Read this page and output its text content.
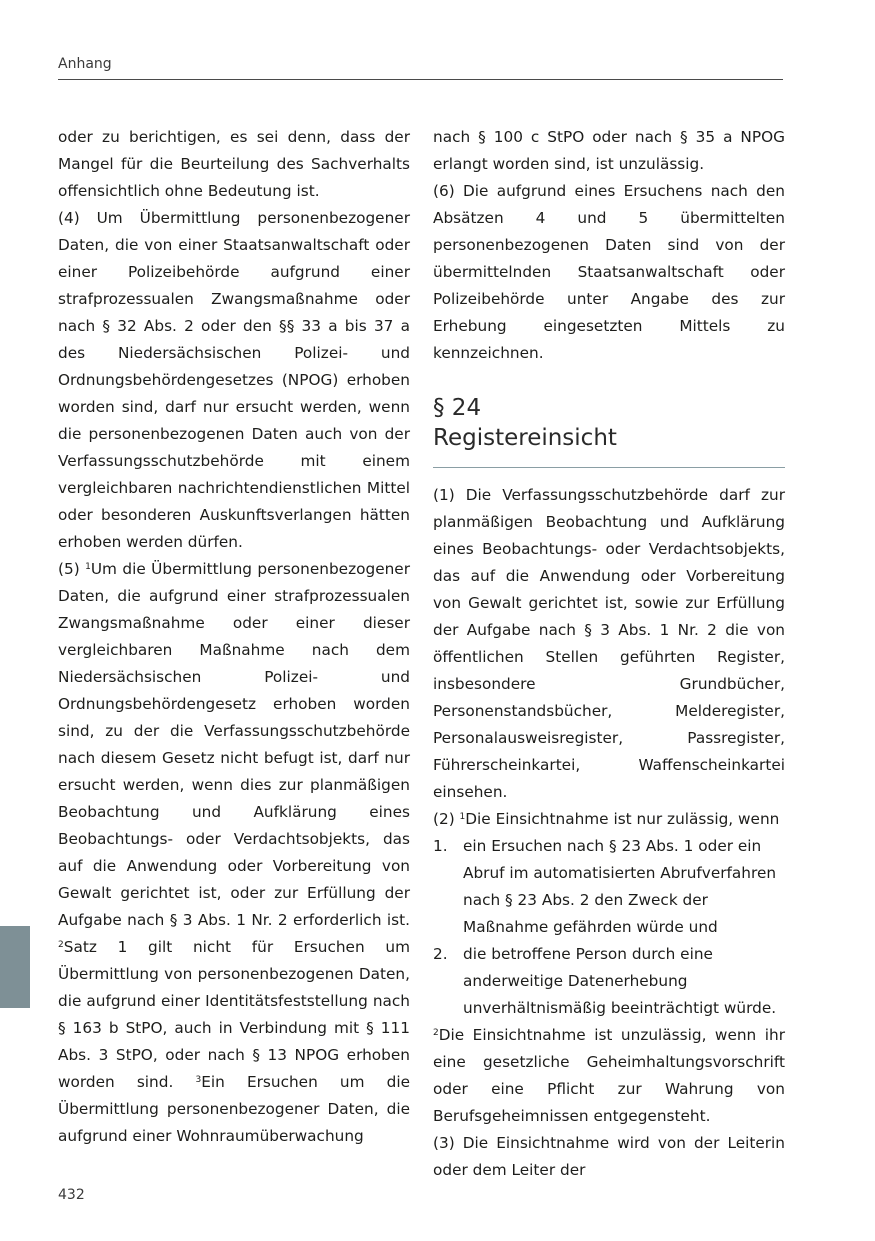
Anhang

oder zu berichtigen, es sei denn, dass der Mangel für die Beurteilung des Sachverhalts offensichtlich ohne Bedeutung ist.

(4) Um Übermittlung personenbezogener Daten, die von einer Staatsanwaltschaft oder einer Polizeibehörde aufgrund einer strafprozessualen Zwangsmaßnahme oder nach § 32 Abs. 2 oder den §§ 33 a bis 37 a des Niedersächsischen Polizei- und Ordnungsbehördengesetzes (NPOG) erhoben worden sind, darf nur ersucht werden, wenn die personenbezogenen Daten auch von der Verfassungsschutzbehörde mit einem vergleichbaren nachrichtendienstlichen Mittel oder besonderen Auskunftsverlangen hätten erhoben werden dürfen.

(5) $^1$Um die Übermittlung personenbezogener Daten, die aufgrund einer strafprozessualen Zwangsmaßnahme oder einer dieser vergleichbaren Maßnahme nach dem Niedersächsischen Polizei- und Ordnungsbehördengesetz erhoben worden sind, zu der die Verfassungsschutzbehörde nach diesem Gesetz nicht befugt ist, darf nur ersucht werden, wenn dies zur planmäßigen Beobachtung und Aufklärung eines Beobachtungs- oder Verdachtsobjekts, das auf die Anwendung oder Vorbereitung von Gewalt gerichtet ist, oder zur Erfüllung der Aufgabe nach § 3 Abs. 1 Nr. 2 erforderlich ist. $^2$Satz 1 gilt nicht für Ersuchen um Übermittlung von personenbezogenen Daten, die aufgrund einer Identitätsfeststellung nach § 163 b StPO, auch in Verbindung mit § 111 Abs. 3 StPO, oder nach § 13 NPOG erhoben worden sind. $^3$Ein Ersuchen um die Übermittlung personenbezogener Daten, die aufgrund einer Wohnraumüberwachung

nach § 100 c StPO oder nach § 35 a NPOG erlangt worden sind, ist unzulässig.

(6) Die aufgrund eines Ersuchens nach den Absätzen 4 und 5 übermittelten personenbezogenen Daten sind von der übermittelnden Staatsanwaltschaft oder Polizeibehörde unter Angabe des zur Erhebung eingesetzten Mittels zu kennzeichnen.

§ 24
Registereinsicht

(1) Die Verfassungsschutzbehörde darf zur planmäßigen Beobachtung und Aufklärung eines Beobachtungs- oder Verdachtsobjekts, das auf die Anwendung oder Vorbereitung von Gewalt gerichtet ist, sowie zur Erfüllung der Aufgabe nach § 3 Abs. 1 Nr. 2 die von öffentlichen Stellen geführten Register, insbesondere Grundbücher, Personenstandsbücher, Melderegister, Personalausweisregister, Passregister, Führerscheinkartei, Waffenscheinkartei einsehen.

(2) $^1$Die Einsichtnahme ist nur zulässig, wenn

1. ein Ersuchen nach § 23 Abs. 1 oder ein Abruf im automatisierten Abrufverfahren nach § 23 Abs. 2 den Zweck der Maßnahme gefährden würde und
2. die betroffene Person durch eine anderweitige Datenerhebung unverhältnismäßig beeinträchtigt würde.

$^2$Die Einsichtnahme ist unzulässig, wenn ihr eine gesetzliche Geheimhaltungsvorschrift oder eine Pflicht zur Wahrung von Berufsgeheimnissen entgegensteht.

(3) Die Einsichtnahme wird von der Leiterin oder dem Leiter der

432
